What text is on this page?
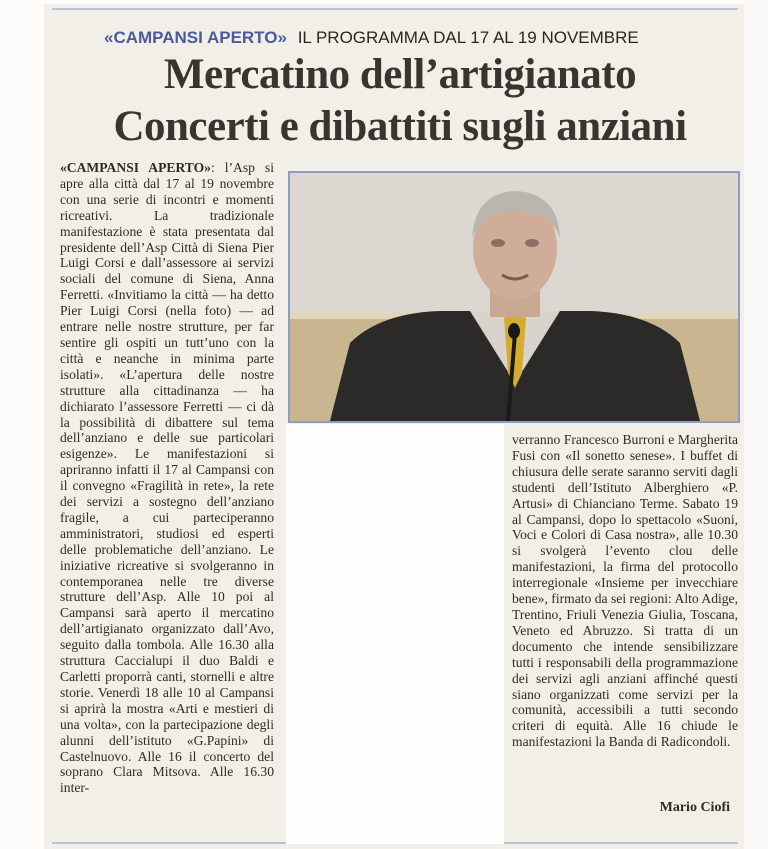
«CAMPANSI APERTO» IL PROGRAMMA DAL 17 AL 19 NOVEMBRE
Mercatino dell’artigianato
Concerti e dibattiti sugli anziani

«CAMPANSI APERTO»: l’Asp si apre alla città dal 17 al 19 novembre con una serie di incontri e momenti ricreativi. La tradizionale manifestazione è stata presentata dal presidente dell’Asp Città di Siena Pier Luigi Corsi e dall’assessore ai servizi sociali del comune di Siena, Anna Ferretti. «Invitiamo la città — ha detto Pier Luigi Corsi (nella foto) — ad entrare nelle nostre strutture, per far sentire gli ospiti un tutt’uno con la città e neanche in minima parte isolati». «L’apertura delle nostre strutture alla cittadinanza — ha dichiarato l’assessore Ferretti — ci dà la possibilità di dibattere sul tema dell’anziano e delle sue particolari esigenze». Le manifestazioni si apriranno infatti il 17 al Campansi con il convegno «Fragilità in rete», la rete dei servizi a sostegno dell’anziano fragile, a cui parteciperanno amministratori, studiosi ed esperti delle problematiche dell’anziano. Le iniziative ricreative si svolgeranno in contemporanea nelle tre diverse strutture dell’Asp. Alle 10 poi al Campansi sarà aperto il mercatino dell’artigianato organizzato dall’Avo, seguito dalla tombola. Alle 16.30 alla struttura Caccialupi il duo Baldi e Carletti proporrà canti, stornelli e altre storie. Venerdì 18 alle 10 al Campansi si aprirà la mostra «Arti e mestieri di una volta», con la partecipazione degli alunni dell’istituto «G.Papini» di Castelnuovo. Alle 16 il concerto del soprano Clara Mitsova. Alle 16.30 inter-

verranno Francesco Burroni e Margherita Fusi con «Il sonetto senese». I buffet di chiusura delle serate saranno serviti dagli studenti dell’Istituto Alberghiero «P. Artusi» di Chianciano Terme. Sabato 19 al Campansi, dopo lo spettacolo «Suoni, Voci e Colori di Casa nostra», alle 10.30 si svolgerà l’evento clou delle manifestazioni, la firma del protocollo interregionale «Insieme per invecchiare bene», firmato da sei regioni: Alto Adige, Trentino, Friuli Venezia Giulia, Toscana, Veneto ed Abruzzo. Si tratta di un documento che intende sensibilizzare tutti i responsabili della programmazione dei servizi agli anziani affinché questi siano organizzati come servizi per la comunità, accessibili a tutti secondo criteri di equità. Alle 16 chiude le manifestazioni la Banda di Radicondoli.

Mario Ciofi
